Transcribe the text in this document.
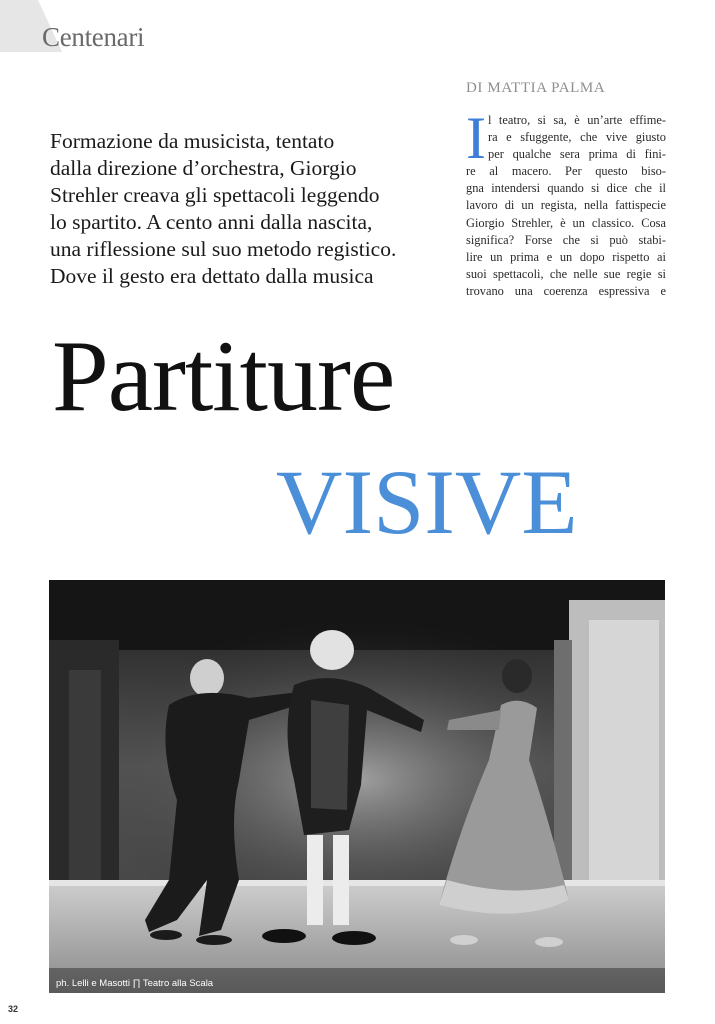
Centenari
DI MATTIA PALMA
Formazione da musicista, tentato
dalla direzione d’orchestra, Giorgio
Strehler creava gli spettacoli leggendo
lo spartito. A cento anni dalla nascita,
una riflessione sul suo metodo registico.
Dove il gesto era dettato dalla musica
I l teatro, si sa, è un’arte effime-
ra e sfuggente, che vive giusto
per qualche sera prima di fini-
re al macero. Per questo biso-
gna intendersi quando si dice che il
lavoro di un regista, nella fattispecie
Giorgio Strehler, è un classico. Cosa
significa? Forse che si può stabi-
lire un prima e un dopo rispetto ai
suoi spettacoli, che nelle sue regie si
trovano una coerenza espressiva e
Partiture
VISIVE
ph. Lelli e Masotti ∏ Teatro alla Scala
32
